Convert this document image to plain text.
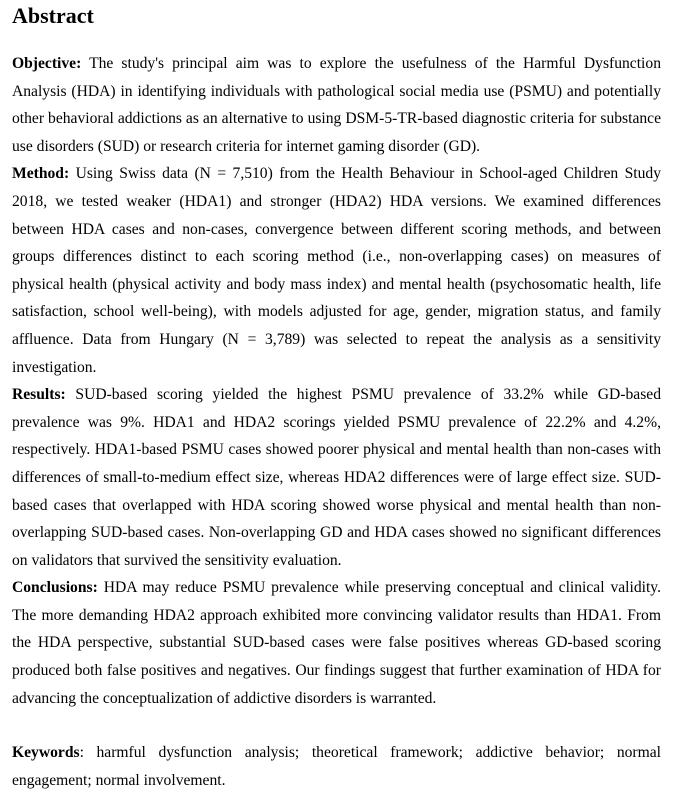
Abstract

Objective: The study's principal aim was to explore the usefulness of the Harmful Dysfunction Analysis (HDA) in identifying individuals with pathological social media use (PSMU) and potentially other behavioral addictions as an alternative to using DSM-5-TR-based diagnostic criteria for substance use disorders (SUD) or research criteria for internet gaming disorder (GD).

Method: Using Swiss data (N = 7,510) from the Health Behaviour in School-aged Children Study 2018, we tested weaker (HDA1) and stronger (HDA2) HDA versions. We examined differences between HDA cases and non-cases, convergence between different scoring methods, and between groups differences distinct to each scoring method (i.e., non-overlapping cases) on measures of physical health (physical activity and body mass index) and mental health (psychosomatic health, life satisfaction, school well-being), with models adjusted for age, gender, migration status, and family affluence. Data from Hungary (N = 3,789) was selected to repeat the analysis as a sensitivity investigation.

Results: SUD-based scoring yielded the highest PSMU prevalence of 33.2% while GD-based prevalence was 9%. HDA1 and HDA2 scorings yielded PSMU prevalence of 22.2% and 4.2%, respectively. HDA1-based PSMU cases showed poorer physical and mental health than non-cases with differences of small-to-medium effect size, whereas HDA2 differences were of large effect size. SUD-based cases that overlapped with HDA scoring showed worse physical and mental health than non-overlapping SUD-based cases. Non-overlapping GD and HDA cases showed no significant differences on validators that survived the sensitivity evaluation.

Conclusions: HDA may reduce PSMU prevalence while preserving conceptual and clinical validity. The more demanding HDA2 approach exhibited more convincing validator results than HDA1. From the HDA perspective, substantial SUD-based cases were false positives whereas GD-based scoring produced both false positives and negatives. Our findings suggest that further examination of HDA for advancing the conceptualization of addictive disorders is warranted.

Keywords: harmful dysfunction analysis; theoretical framework; addictive behavior; normal engagement; normal involvement.
